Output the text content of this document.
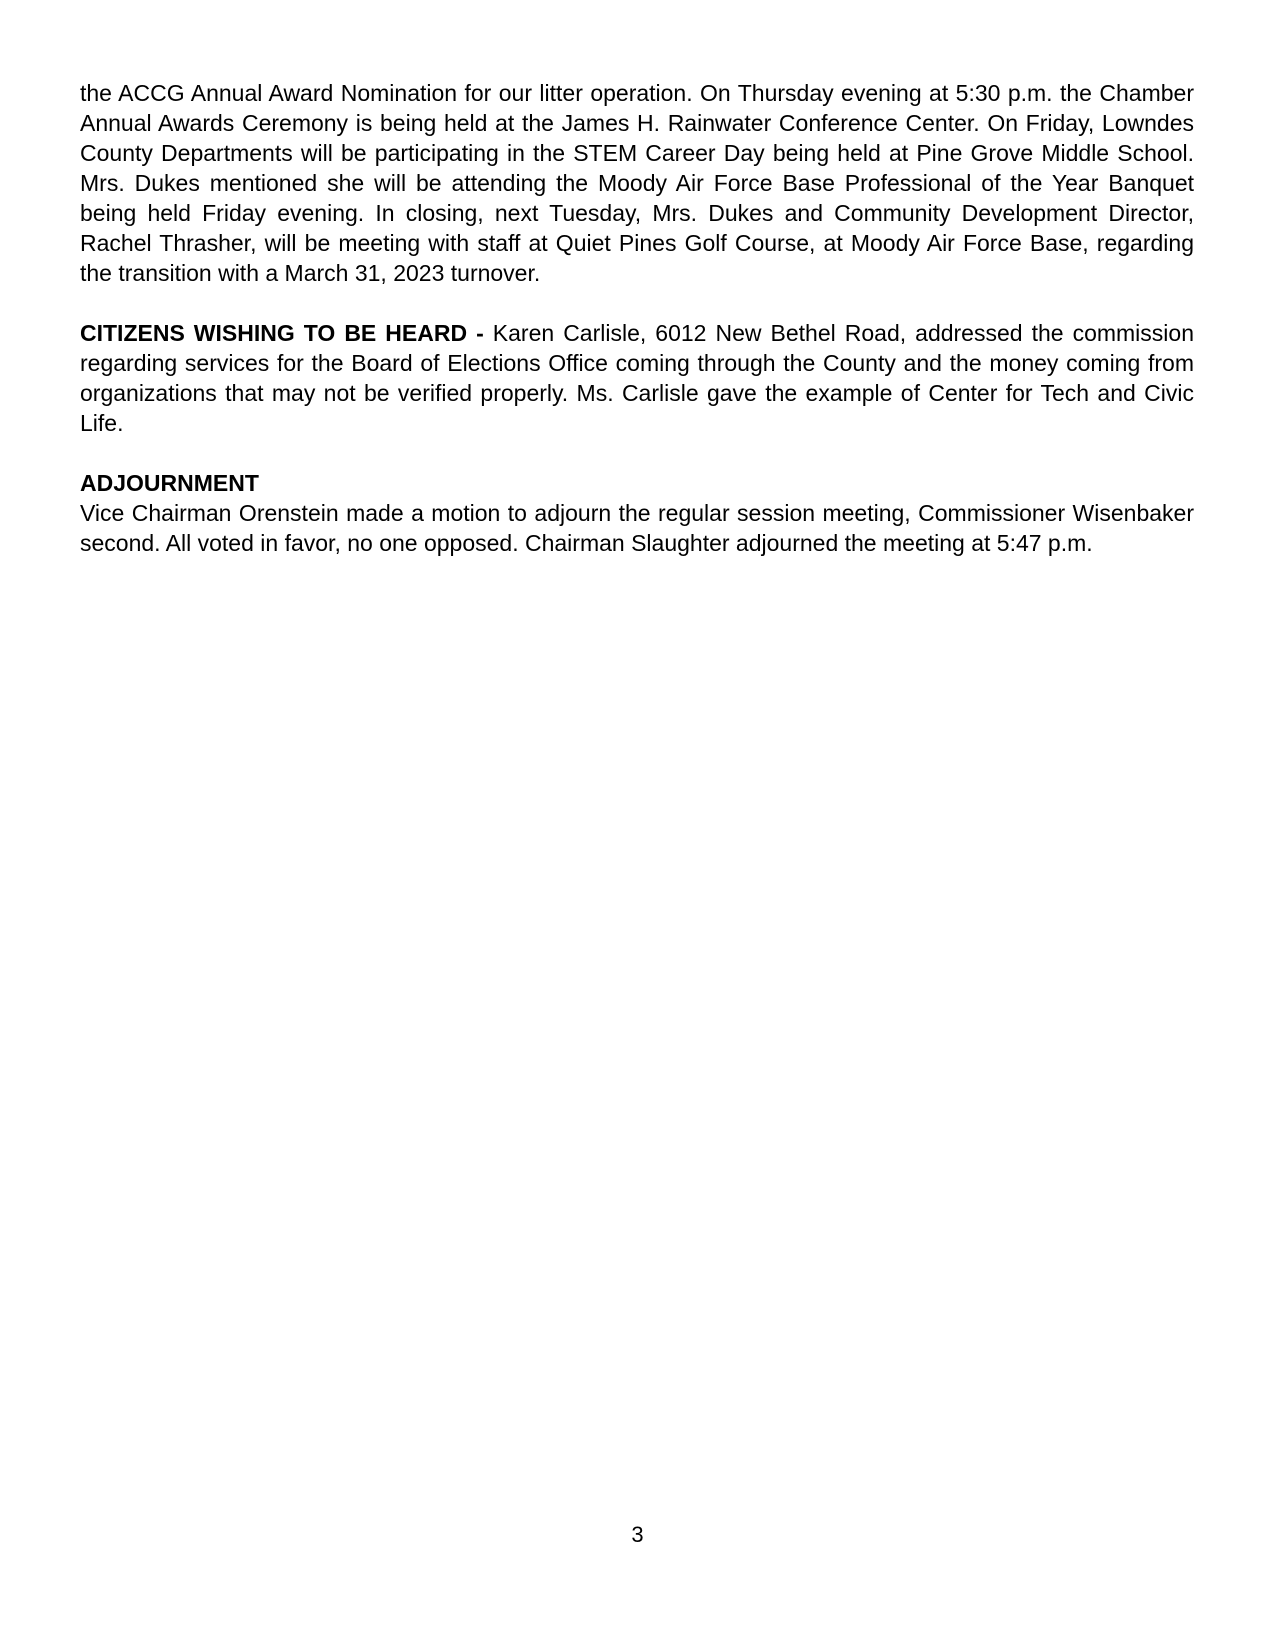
the ACCG Annual Award Nomination for our litter operation. On Thursday evening at 5:30 p.m. the Chamber Annual Awards Ceremony is being held at the James H. Rainwater Conference Center. On Friday, Lowndes County Departments will be participating in the STEM Career Day being held at Pine Grove Middle School. Mrs. Dukes mentioned she will be attending the Moody Air Force Base Professional of the Year Banquet being held Friday evening. In closing, next Tuesday, Mrs. Dukes and Community Development Director, Rachel Thrasher, will be meeting with staff at Quiet Pines Golf Course, at Moody Air Force Base, regarding the transition with a March 31, 2023 turnover.

CITIZENS WISHING TO BE HEARD - Karen Carlisle, 6012 New Bethel Road, addressed the commission regarding services for the Board of Elections Office coming through the County and the money coming from organizations that may not be verified properly. Ms. Carlisle gave the example of Center for Tech and Civic Life.

ADJOURNMENT

Vice Chairman Orenstein made a motion to adjourn the regular session meeting, Commissioner Wisenbaker second. All voted in favor, no one opposed. Chairman Slaughter adjourned the meeting at 5:47 p.m.

3
